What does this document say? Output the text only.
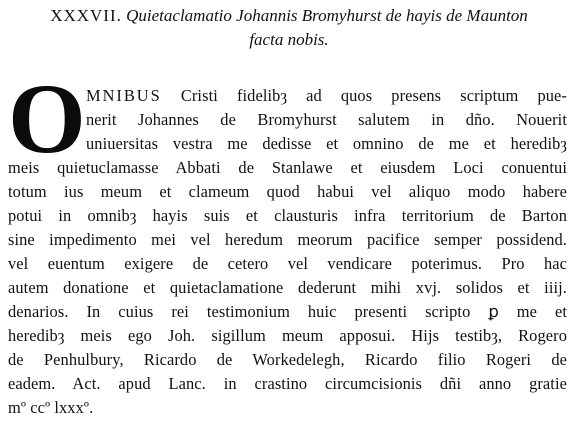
XXXVII. Quietaclamatio Johannis Bromyhurst de hayis de Maunton
facta nobis.
O MNIBUS Cristi fidelibȝ ad quos presens scriptum pue-
nerit Johannes de Bromyhurst salutem in dño. Nouerit
uniuersitas vestra me dedisse et omnino de me et heredibȝ
meis quietuclamasse Abbati de Stanlawe et eiusdem Loci conuentui
totum ius meum et clameum quod habui vel aliquo modo habere
potui in omnibȝ hayis suis et clausturis infra territorium de Barton
sine impedimento mei vel heredum meorum pacifice semper possidend.
vel euentum exigere de cetero vel vendicare poterimus. Pro hac
autem donatione et quietaclamatione dederunt mihi xvj. solidos et iiij.
denarios. In cuius rei testimonium huic presenti scripto ꝑ me et
heredibȝ meis ego Joh. sigillum meum apposui. Hijs testibȝ, Rogero
de Penhulbury, Ricardo de Workedelegh, Ricardo filio Rogeri de
eadem. Act. apud Lanc. in crastino circumcisionis dñi anno gratie
mº ccº lxxxº.
